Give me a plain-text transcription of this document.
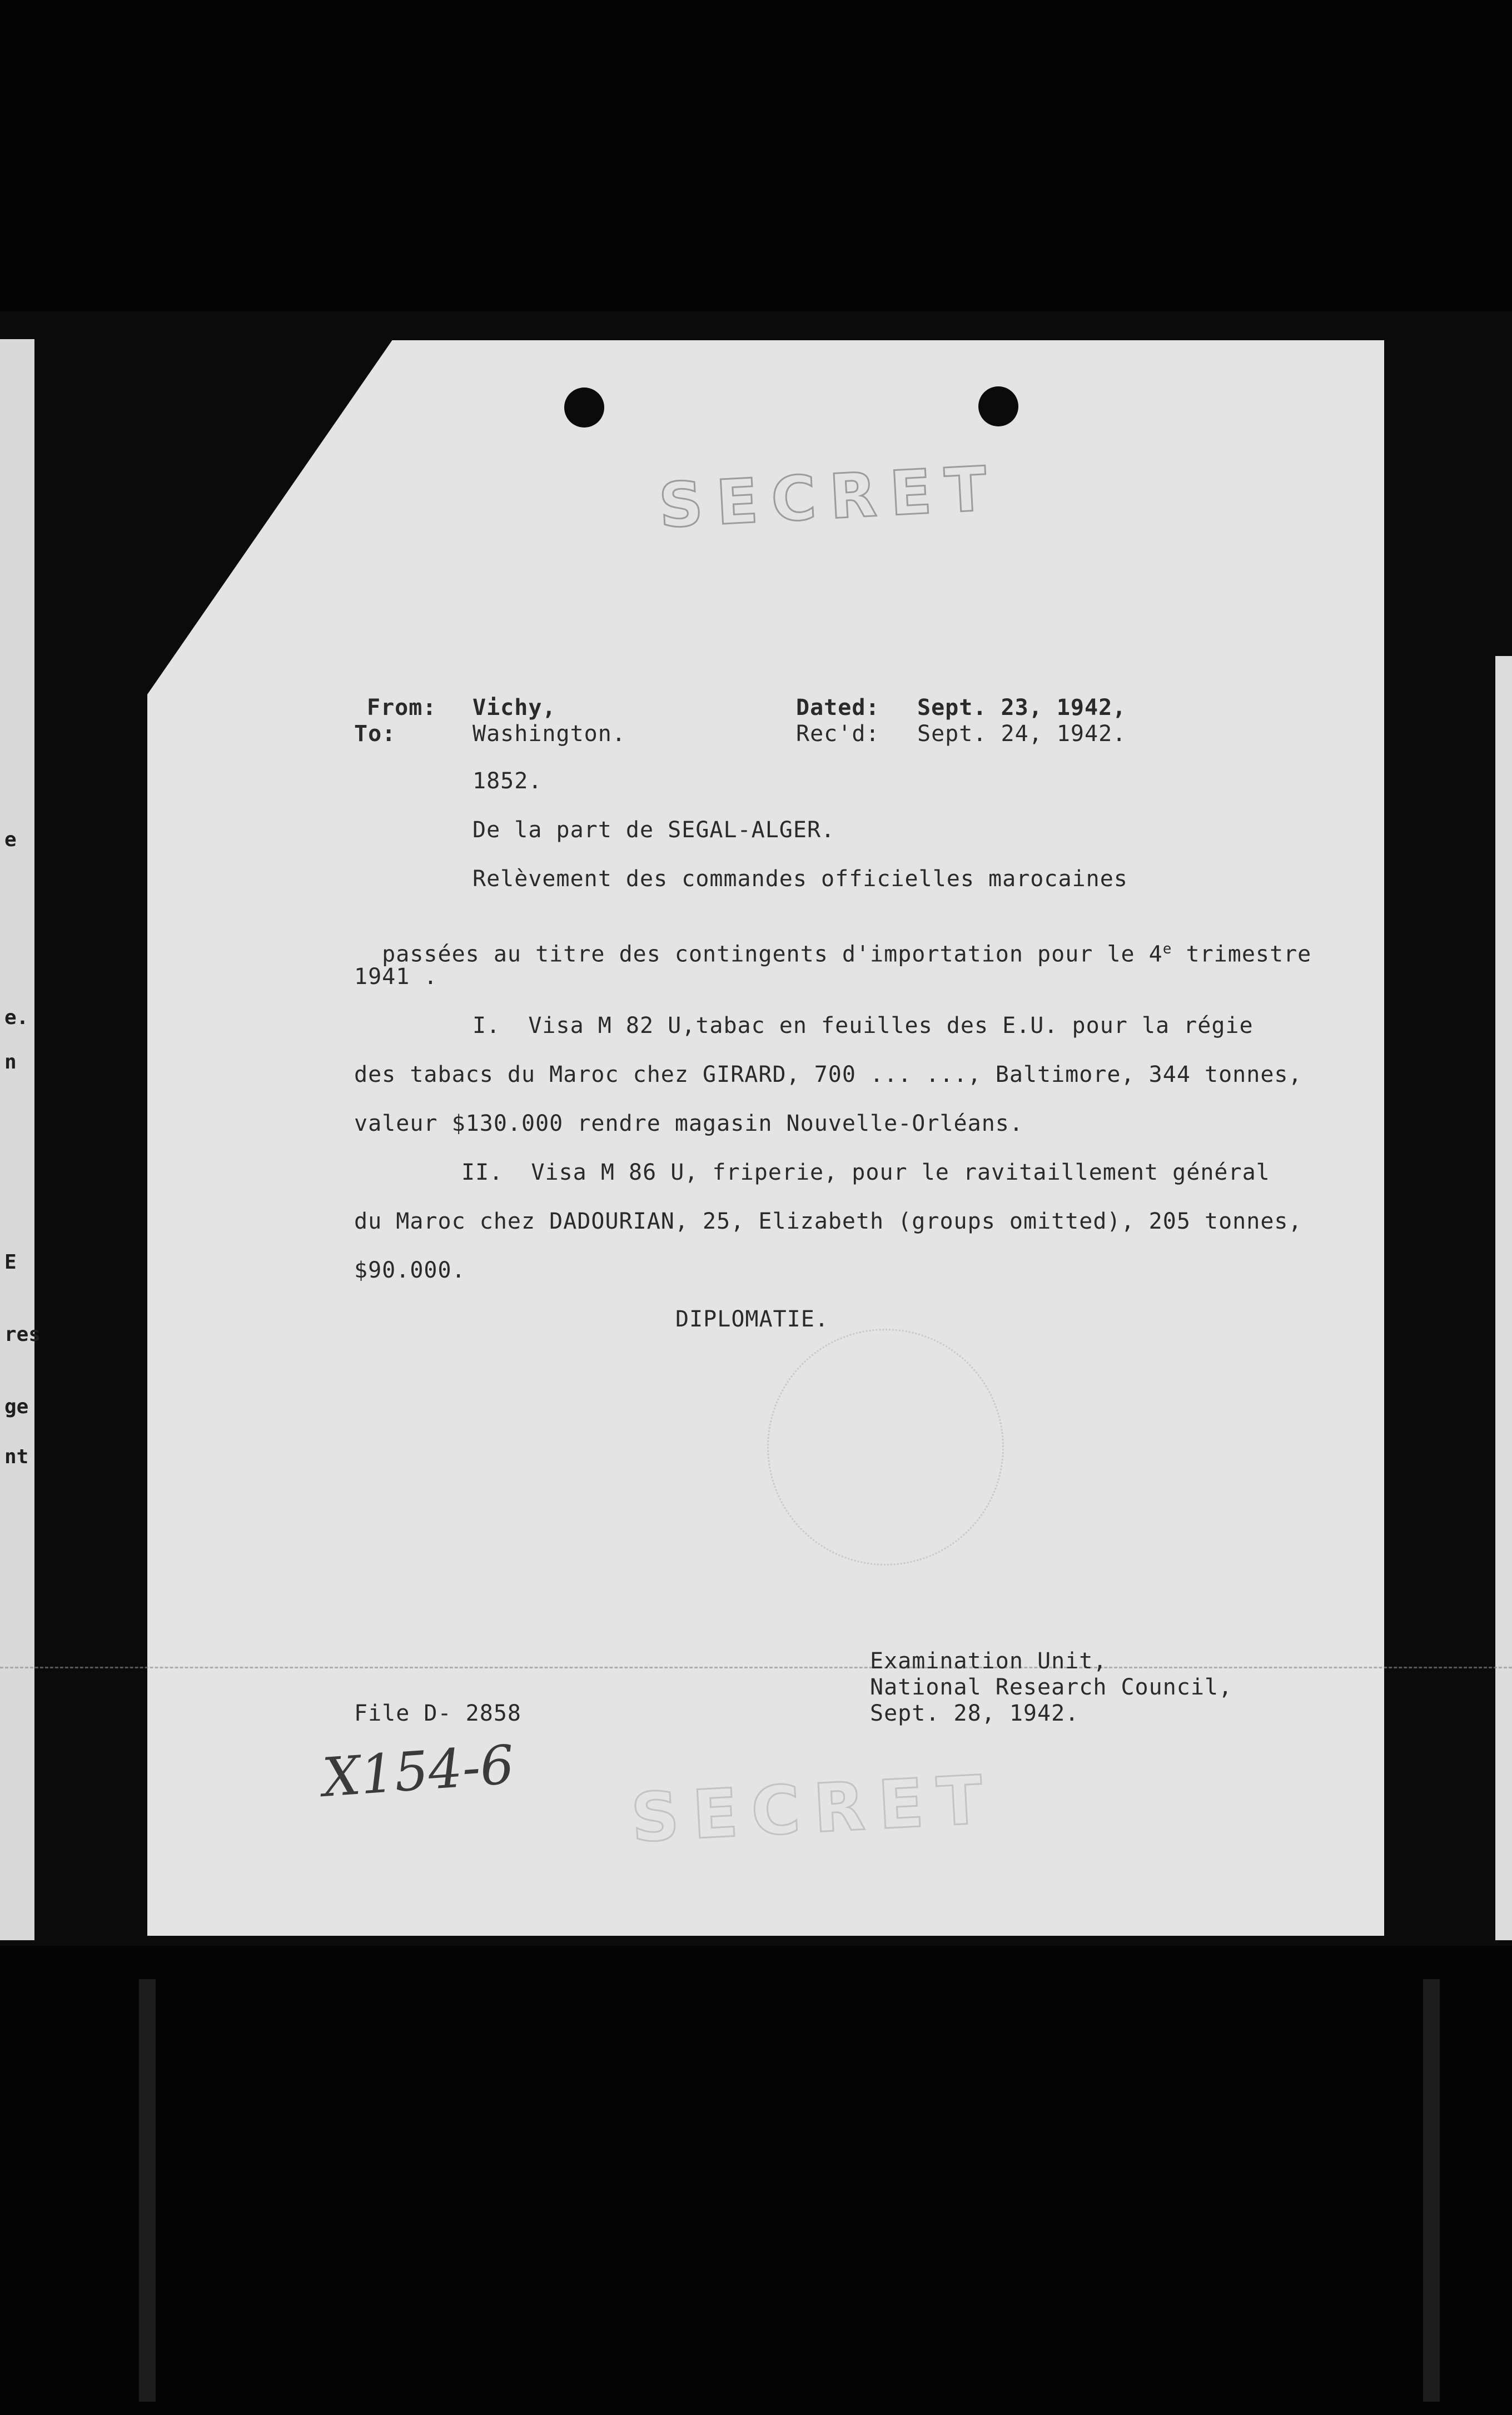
e
e.
n
E
res
ge
nt
SECRET
From: Vichy,
To:	Washington.
Dated: Sept. 23, 1942,
Rec'd: Sept. 24, 1942.
1852.
De la part de SEGAL-ALGER.
Relèvement des commandes officielles marocaines

passées au titre des contingents d'importation pour le 4e trimestre

1941 .
I.  Visa M 82 U,tabac en feuilles des E.U. pour la régie
des tabacs du Maroc chez GIRARD, 700 ... ..., Baltimore, 344 tonnes,
valeur $130.000 rendre magasin Nouvelle-Orléans.
II.  Visa M 86 U, friperie, pour le ravitaillement général
du Maroc chez DADOURIAN, 25, Elizabeth (groups omitted), 205 tonnes,
$90.000.
DIPLOMATIE.
Examination Unit,
National Research Council,
Sept. 28, 1942.
File D- 2858
X154-6 SECRET
